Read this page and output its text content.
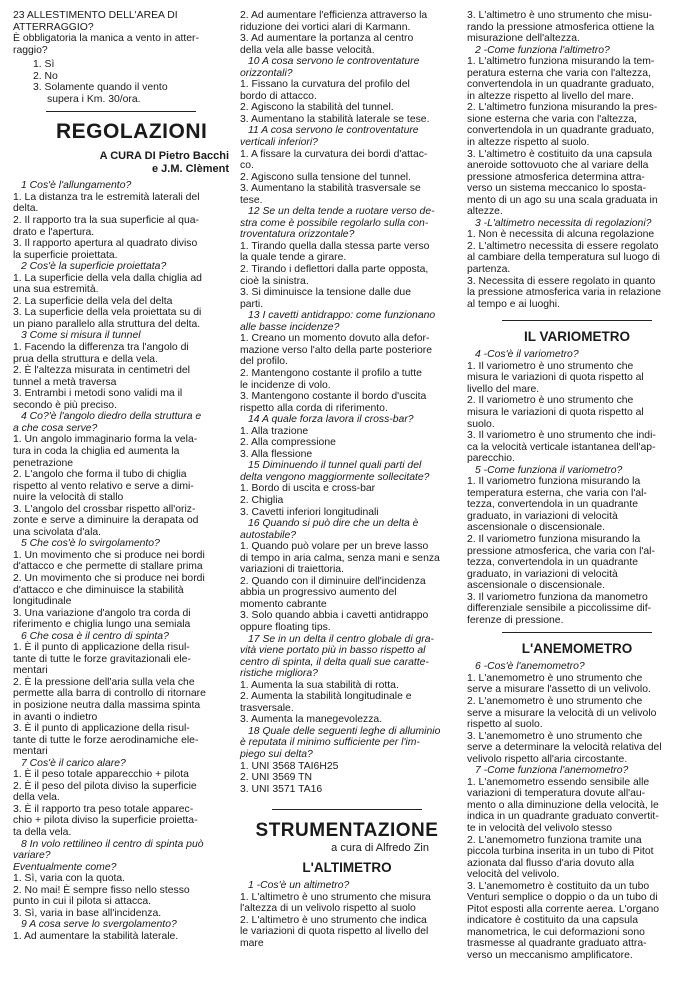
23 ALLESTIMENTO DELL'AREA DI

ATTERRAGGIO?

È obbligatoria la manica a vento in atter-

raggio?

1. Sì

2. No

3. Solamente quando il vento

supera i Km. 30/ora.

REGOLAZIONI
A CURA DI Pietro Bacchi
e J.M. Clèment

1 Cos'è l'allungamento?

1. La distanza tra le estremità laterali del

delta.

2. Il rapporto tra la sua superficie al qua-

drato e l'apertura.

3. Il rapporto apertura al quadrato diviso

la superficie proiettata.

2 Cos'è la superficie proiettata?

1. La superficie della vela dalla chiglia ad

una sua estremità.

2. La superficie della vela del delta

3. La superficie della vela proiettata su di

un piano parallelo alla struttura del delta.

3 Come si misura il tunnel

1. Facendo la differenza tra l'angolo di

prua della struttura e della vela.

2. È l'altezza misurata in centimetri del

tunnel a metà traversa

3. Entrambi i metodi sono validi ma il

secondo è più preciso.

4 Co?'è l'angolo diedro della struttura e

a che cosa serve?

1. Un angolo immaginario forma la vela-

tura in coda la chiglia ed aumenta la

penetrazione

2. L'angolo che forma il tubo di chiglia

rispetto al vento relativo e serve a dimi-

nuire la velocità di stallo

3. L'angolo del crossbar rispetto all'oriz-

zonte e serve a diminuire la derapata od

una scivolata d'ala.

5 Che cos'è lo svirgolamento?

1. Un movimento che si produce nei bordi

d'attacco e che permette di stallare prima

2. Un movimento che si produce nei bordi

d'attacco e che diminuisce la stabilità

longitudinale

3. Una variazione d'angolo tra corda di

riferimento e chiglia lungo una semiala

6 Che cosa è il centro di spinta?

1. È il punto di applicazione della risul-

tante di tutte le forze gravitazionali ele-

mentari

2. È la pressione dell'aria sulla vela che

permette alla barra di controllo di ritornare

in posizione neutra dalla massima spinta

in avanti o indietro

3. È il punto di applicazione della risul-

tante di tutte le forze aerodinamiche ele-

mentari

7 Cos'è il carico alare?

1. È il peso totale apparecchio + pilota

2. È il peso del pilota diviso la superficie

della vela.

3. È il rapporto tra peso totale apparec-

chio + pilota diviso la superficie proietta-

ta della vela.

8 In volo rettilineo il centro di spinta può

variare?

Eventualmente come?

1. Sì, varia con la quota.

2. No mai! È sempre fisso nello stesso

punto in cui il pilota si attacca.

3. Sì, varia in base all'incidenza.

9 A cosa serve lo svergolamento?

1. Ad aumentare la stabilità laterale.

2. Ad aumentare l'efficienza attraverso la

riduzione dei vortici alari di Karmann.

3. Ad aumentare la portanza al centro

della vela alle basse velocità.

10 A cosa servono le controventature

orizzontali?

1. Fissano la curvatura del profilo del

bordo di attacco.

2. Agiscono la stabilità del tunnel.

3. Aumentano la stabilità laterale se tese.

11 A cosa servono le controventature

verticali inferiori?

1. A fissare la curvatura dei bordi d'attac-

co.

2. Agiscono sulla tensione del tunnel.

3. Aumentano la stabilità trasversale se

tese.

12 Se un delta tende a ruotare verso de-

stra come è possibile regolarlo sulla con-

troventatura orizzontale?

1. Tirando quella dalla stessa parte verso

la quale tende a girare.

2. Tirando i deflettori dalla parte opposta,

cioè la sinistra.

3. Si diminuisce la tensione dalle due

parti.

13 I cavetti antidrappo: come funzionano

alle basse incidenze?

1. Creano un momento dovuto alla defor-

mazione verso l'alto della parte posteriore

del profilo.

2. Mantengono costante il profilo a tutte

le incidenze di volo.

3. Mantengono costante il bordo d'uscita

rispetto alla corda di riferimento.

14 A quale forza lavora il cross-bar?

1. Alla trazione

2. Alla compressione

3. Alla flessione

15 Diminuendo il tunnel quali parti del

delta vengono maggiormente sollecitate?

1. Bordo di uscita e cross-bar

2. Chiglia

3. Cavetti inferiori longitudinali

16 Quando si può dire che un delta è

autostabile?

1. Quando può volare per un breve lasso

di tempo in aria calma, senza mani e senza

variazioni di traiettoria.

2. Quando con il diminuire dell'incidenza

abbia un progressivo aumento del

momento cabrante

3. Solo quando abbia i cavetti antidrappo

oppure floating tips.

17 Se in un delta il centro globale di gra-

vità viene portato più in basso rispetto al

centro di spinta, il delta quali sue caratte-

ristiche migliora?

1. Aumenta la sua stabilità di rotta.

2. Aumenta la stabilità longitudinale e

trasversale.

3. Aumenta la manegevolezza.

18 Quale delle seguenti leghe di alluminio

è reputata il minimo sufficiente per l'im-

piego sui delta?

1. UNI 3568 TAI6H25

2. UNI 3569 TN

3. UNI 3571 TA16

STRUMENTAZIONE
a cura di Alfredo Zin
L'ALTIMETRO

1 -Cos'è un altimetro?

1. L'altimetro è uno strumento che misura

l'altezza di un velivolo rispetto al suolo

2. L'altimetro è uno strumento che indica

le variazioni di quota rispetto al livello del

mare

3. L'altimetro è uno strumento che misu-

rando la pressione atmosferica ottiene la

misurazione dell'altezza.

2 -Come funziona l'altimetro?

1. L'altimetro funziona misurando la tem-

peratura esterna che varia con l'altezza,

convertendola in un quadrante graduato,

in altezze rispetto al livello del mare.

2. L'altimetro funziona misurando la pres-

sione esterna che varia con l'altezza,

convertendola in un quadrante graduato,

in altezze rispetto al suolo.

3. L'altimetro è costituito da una capsula

aneroide sottovuoto che al variare della

pressione atmosferica determina attra-

verso un sistema meccanico lo sposta-

mento di un ago su una scala graduata in

altezze.

3 -L'altimetro necessita di regolazioni?

1. Non è necessita di alcuna regolazione

2. L'altimetro necessita di essere regolato

al cambiare della temperatura sul luogo di

partenza.

3. Necessita di essere regolato in quanto

la pressione atmosferica varia in relazione

al tempo e ai luoghi.

IL VARIOMETRO

4 -Cos'è il variometro?

1. Il variometro è uno strumento che

misura le variazioni di quota rispetto al

livello del mare.

2. Il variometro è uno strumento che

misura le variazioni di quota rispetto al

suolo.

3. Il variometro è uno strumento che indi-

ca la velocità verticale istantanea dell'ap-

parecchio.

5 -Come funziona il variometro?

1. Il variometro funziona misurando la

temperatura esterna, che varia con l'al-

tezza, convertendola in un quadrante

graduato, in variazioni di velocità

ascensionale o discensionale.

2. Il variometro funziona misurando la

pressione atmosferica, che varia con l'al-

tezza, convertendola in un quadrante

graduato, in variazioni di velocità

ascensionale o discensionale.

3. Il variometro funziona da manometro

differenziale sensibile a piccolissime dif-

ferenze di pressione.

L'ANEMOMETRO

6 -Cos'è l'anemometro?

1. L'anemometro è uno strumento che

serve a misurare l'assetto di un velivolo.

2. L'anemometro è uno strumento che

serve a misurare la velocità di un velivolo

rispetto al suolo.

3. L'anemometro è uno strumento che

serve a determinare la velocità relativa del

velivolo rispetto all'aria circostante.

7 -Come funziona l'anemometro?

1. L'anemometro essendo sensibile alle

variazioni di temperatura dovute all'au-

mento o alla diminuzione della velocità, le

indica in un quadrante graduato convertit-

te in velocità del velivolo stesso

2. L'anemometro funziona tramite una

piccola turbina inserita in un tubo di Pitot

azionata dal flusso d'aria dovuto alla

velocità del velivolo.

3. L'anemometro è costituito da un tubo

Venturi semplice o doppio o da un tubo di

Pitot esposti alla corrente aerea. L'organo

indicatore è costituito da una capsula

manometrica, le cui deformazioni sono

trasmesse al quadrante graduato attra-

verso un meccanismo amplificatore.
